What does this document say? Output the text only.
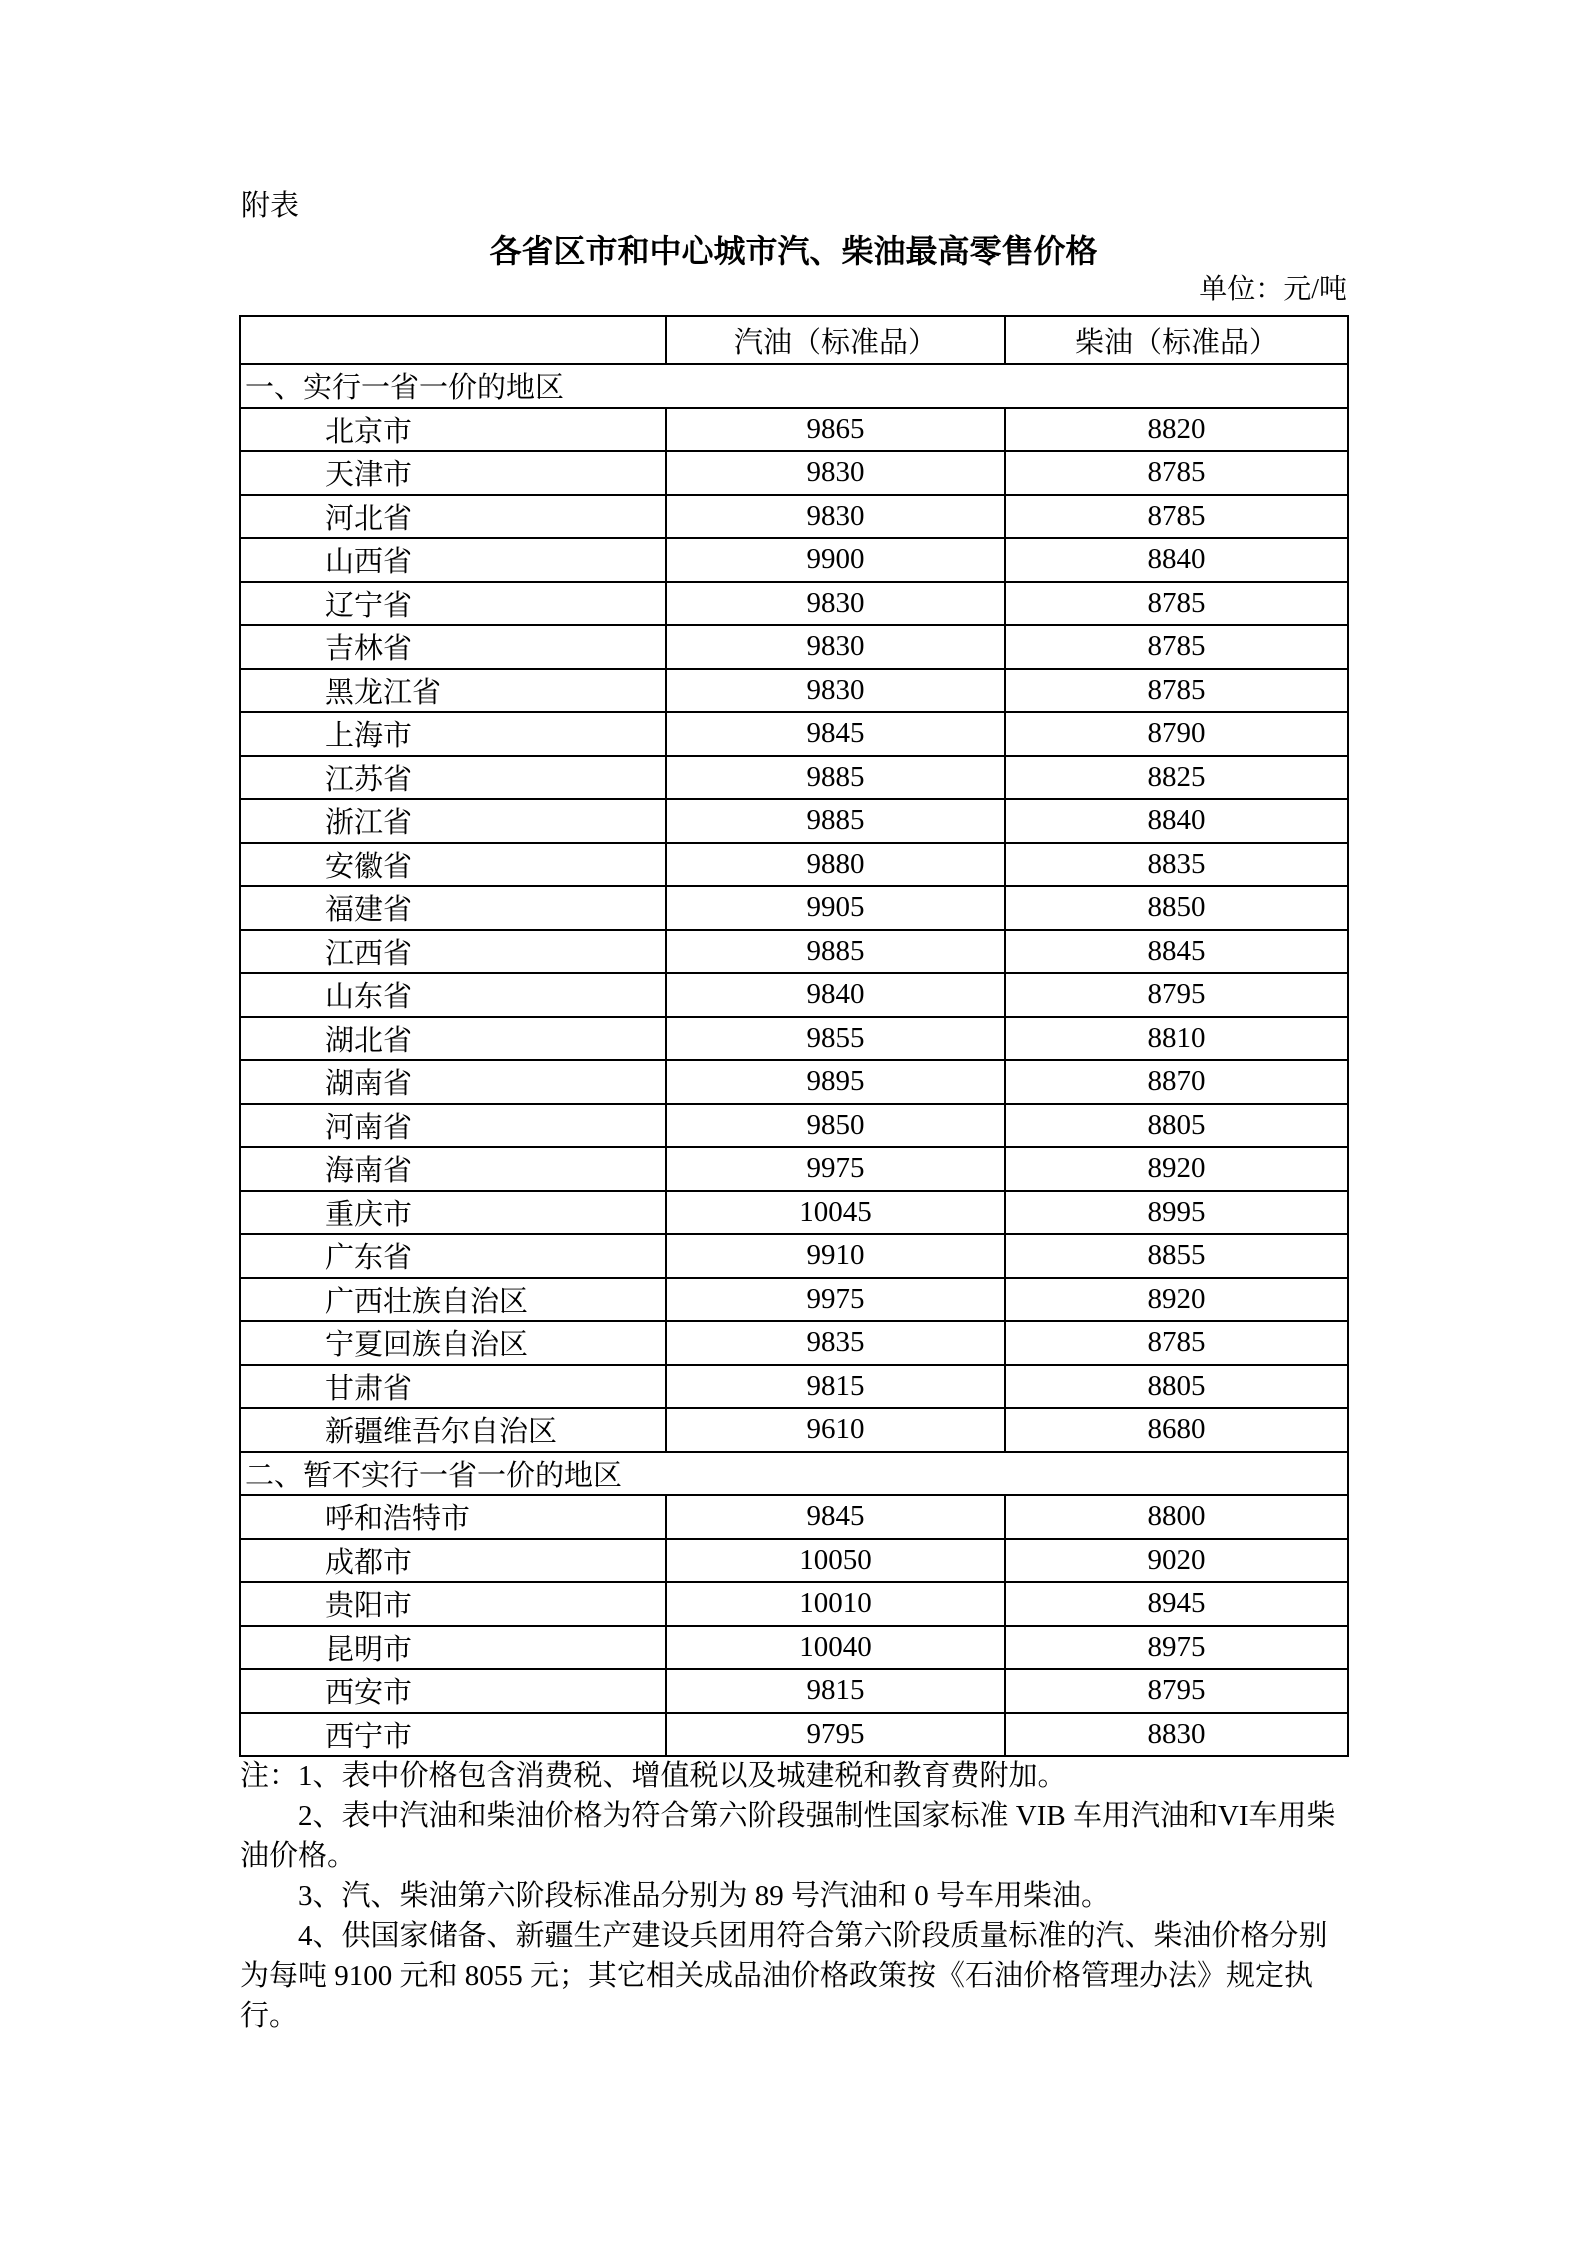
附表
各省区市和中心城市汽、柴油最高零售价格
单位：元/吨
	汽油（标准品）	柴油（标准品）
一、实行一省一价的地区		
北京市	9865	8820
天津市	9830	8785
河北省	9830	8785
山西省	9900	8840
辽宁省	9830	8785
吉林省	9830	8785
黑龙江省	9830	8785
上海市	9845	8790
江苏省	9885	8825
浙江省	9885	8840
安徽省	9880	8835
福建省	9905	8850
江西省	9885	8845
山东省	9840	8795
湖北省	9855	8810
湖南省	9895	8870
河南省	9850	8805
海南省	9975	8920
重庆市	10045	8995
广东省	9910	8855
广西壮族自治区	9975	8920
宁夏回族自治区	9835	8785
甘肃省	9815	8805
新疆维吾尔自治区	9610	8680
二、暂不实行一省一价的地区		
呼和浩特市	9845	8800
成都市	10050	9020
贵阳市	10010	8945
昆明市	10040	8975
西安市	9815	8795
西宁市	9795	8830

注：1、表中价格包含消费税、增值税以及城建税和教育费附加。

2、表中汽油和柴油价格为符合第六阶段强制性国家标准 VIB 车用汽油和VI车用柴油价格。

3、汽、柴油第六阶段标准品分别为 89 号汽油和 0 号车用柴油。

4、供国家储备、新疆生产建设兵团用符合第六阶段质量标准的汽、柴油价格分别为每吨 9100 元和 8055 元；其它相关成品油价格政策按《石油价格管理办法》规定执行。
